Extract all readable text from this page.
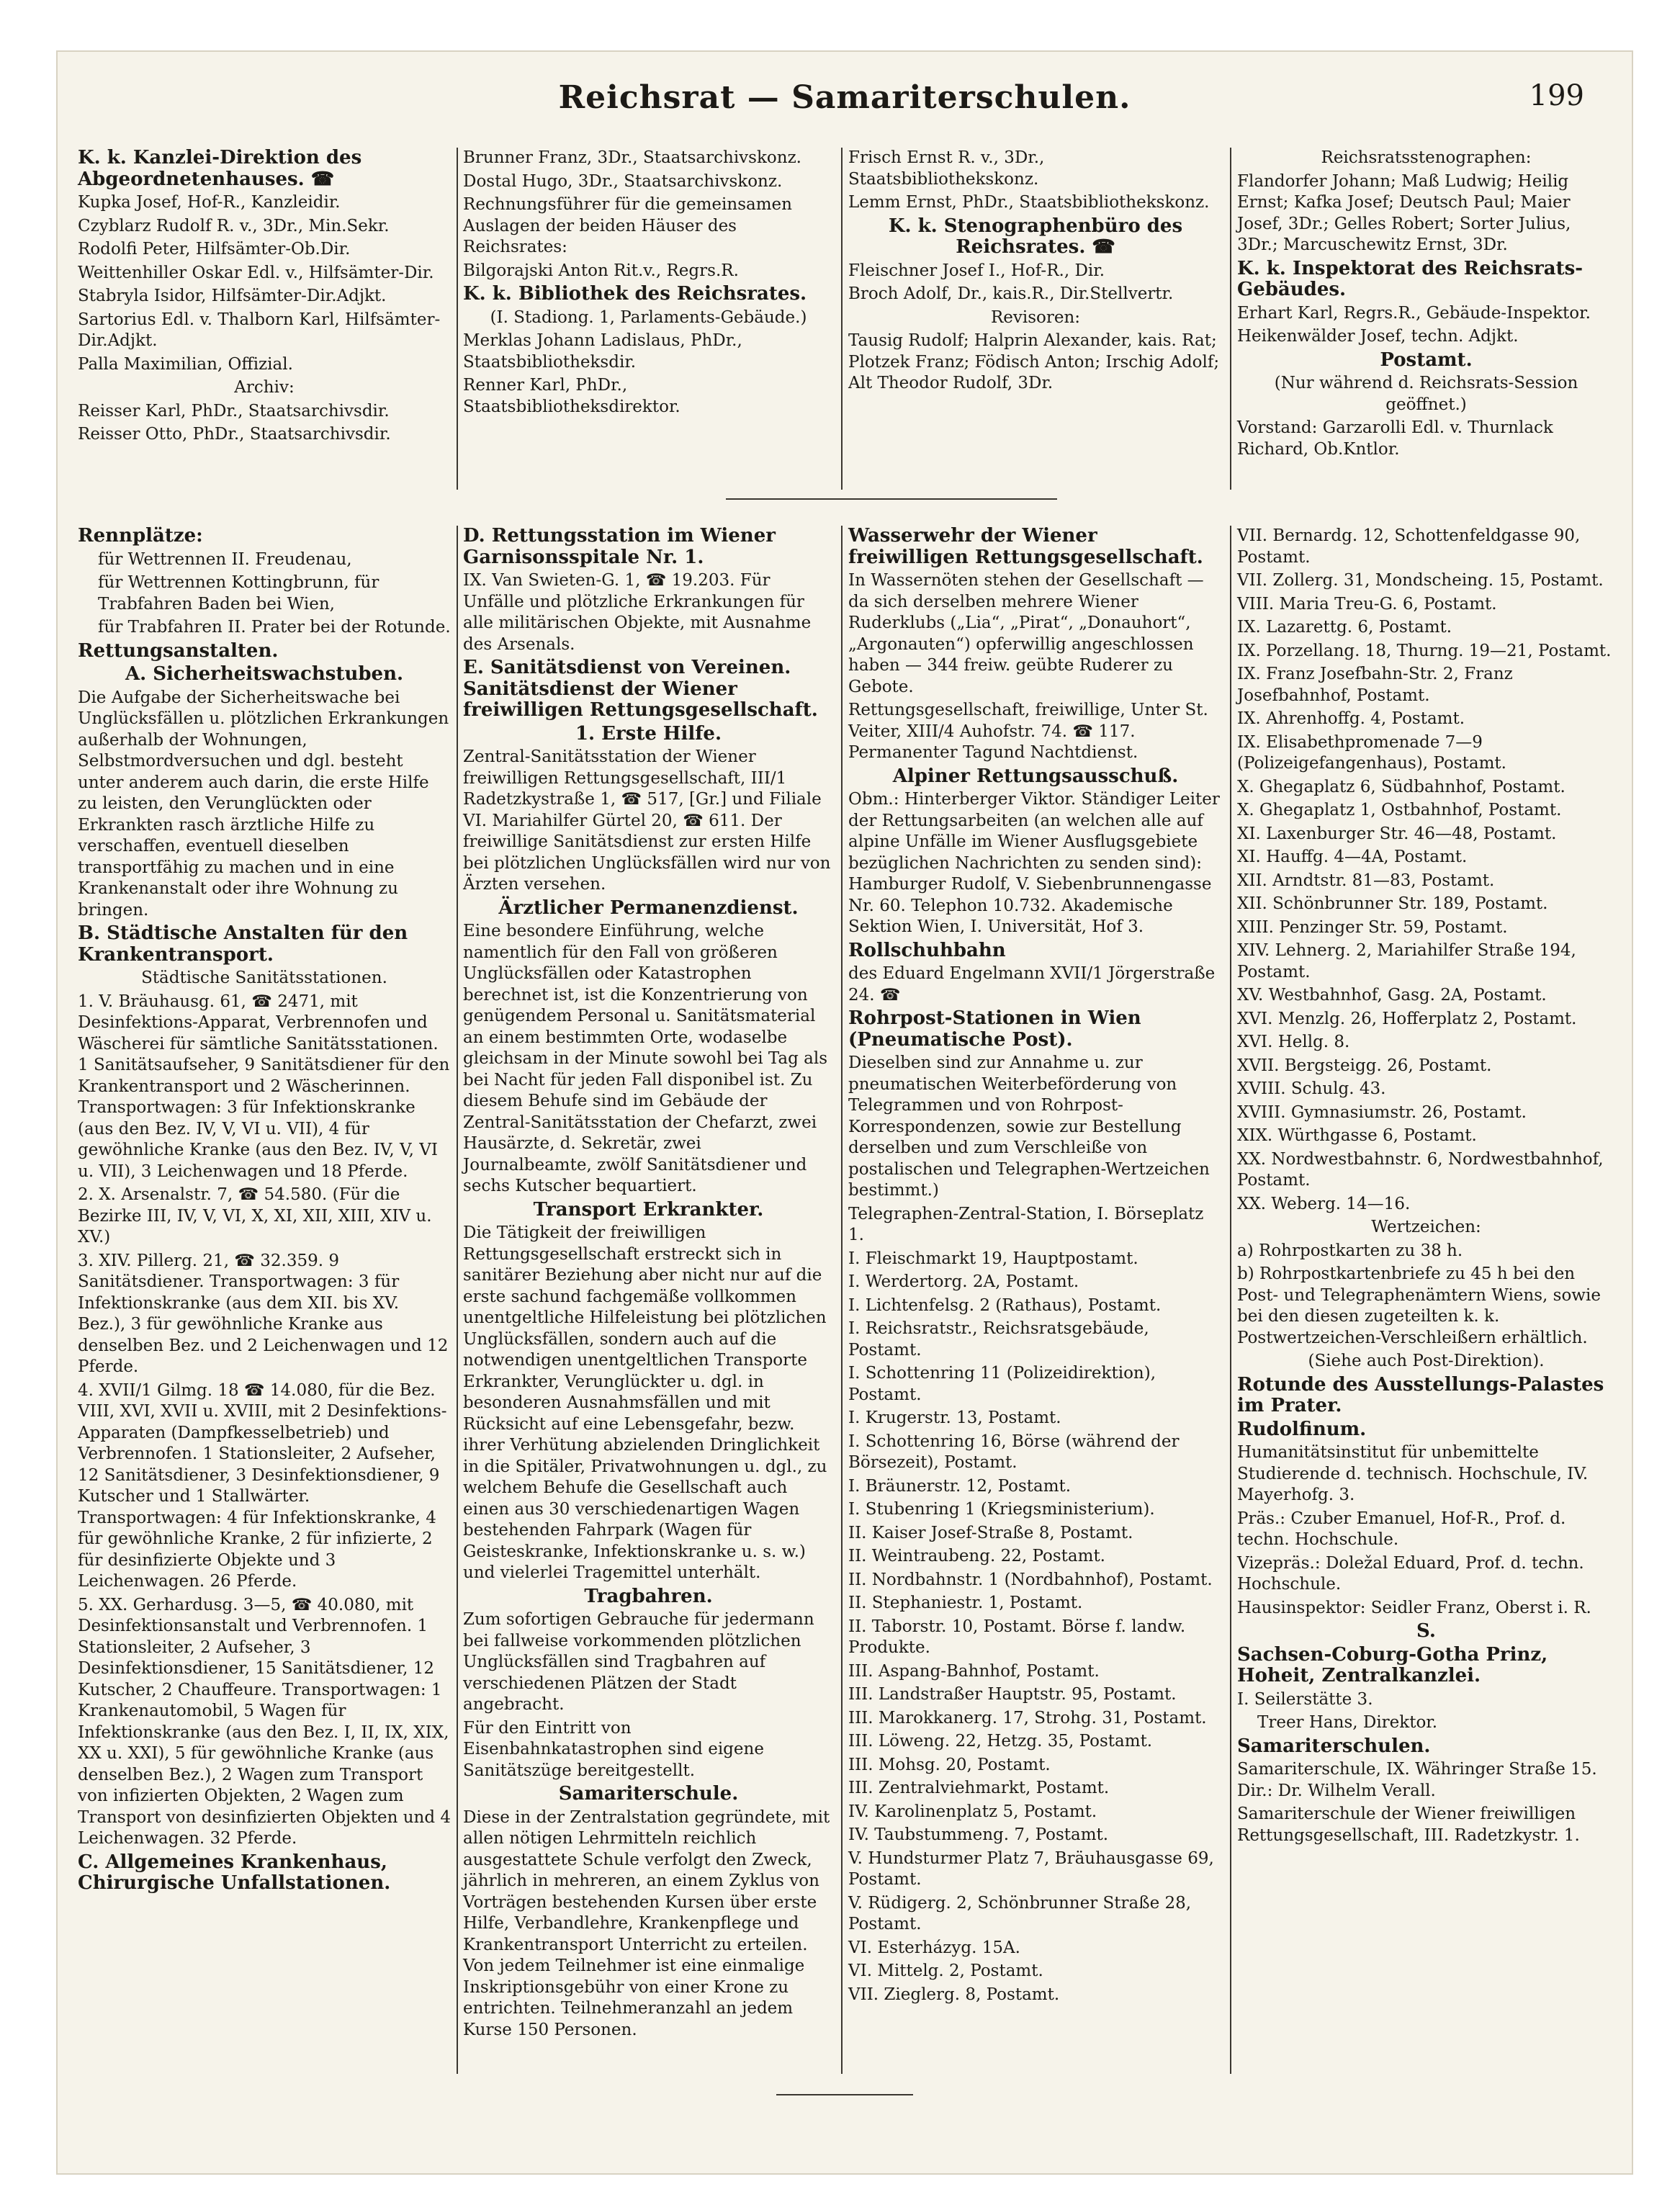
Reichsrat — Samariterschulen.	199

K. k. Kanzlei-Direktion des Abgeordnetenhauses. ☎

Kupka Josef, Hof-R., Kanzleidir.

Czyblarz Rudolf R. v., 3Dr., Min.Sekr.

Rodolfi Peter, Hilfsämter-Ob.Dir.

Weittenhiller Oskar Edl. v., Hilfsämter-Dir.

Stabryla Isidor, Hilfsämter-Dir.Adjkt.

Sartorius Edl. v. Thalborn Karl, Hilfsämter-Dir.Adjkt.

Palla Maximilian, Offizial.

Archiv:

Reisser Karl, PhDr., Staatsarchivsdir.

Reisser Otto, PhDr., Staatsarchivsdir.

Brunner Franz, 3Dr., Staatsarchivskonz.

Dostal Hugo, 3Dr., Staatsarchivskonz.

Rechnungsführer für die gemeinsamen Auslagen der beiden Häuser des Reichsrates:

Bilgorajski Anton Rit.v., Regrs.R.

K. k. Bibliothek des Reichsrates.

(I. Stadiong. 1, Parlaments-Gebäude.)

Merklas Johann Ladislaus, PhDr., Staatsbibliotheksdir.

Renner Karl, PhDr., Staatsbibliotheksdirektor.

Frisch Ernst R. v., 3Dr., Staatsbibliothekskonz.

Lemm Ernst, PhDr., Staatsbibliothekskonz.

K. k. Stenographenbüro des Reichsrates. ☎

Fleischner Josef I., Hof-R., Dir.

Broch Adolf, Dr., kais.R., Dir.Stellvertr.

Revisoren:

Tausig Rudolf; Halprin Alexander, kais. Rat; Plotzek Franz; Födisch Anton; Irschig Adolf; Alt Theodor Rudolf, 3Dr.

Reichsratsstenographen:

Flandorfer Johann; Maß Ludwig; Heilig Ernst; Kafka Josef; Deutsch Paul; Maier Josef, 3Dr.; Gelles Robert; Sorter Julius, 3Dr.; Marcuschewitz Ernst, 3Dr.

K. k. Inspektorat des Reichsrats-Gebäudes.

Erhart Karl, Regrs.R., Gebäude-Inspektor.

Heikenwälder Josef, techn. Adjkt.

Postamt.

(Nur während d. Reichsrats-Session geöffnet.)

Vorstand: Garzarolli Edl. v. Thurnlack Richard, Ob.Kntlor.

Rennplätze:

für Wettrennen II. Freudenau,

für Wettrennen Kottingbrunn, für Trabfahren Baden bei Wien,

für Trabfahren II. Prater bei der Rotunde.

Rettungsanstalten.

A. Sicherheitswachstuben.

Die Aufgabe der Sicherheitswache bei Unglücksfällen u. plötzlichen Erkrankungen außerhalb der Wohnungen, Selbstmordversuchen und dgl. besteht unter anderem auch darin, die erste Hilfe zu leisten, den Verunglückten oder Erkrankten rasch ärztliche Hilfe zu verschaffen, eventuell dieselben transportfähig zu machen und in eine Krankenanstalt oder ihre Wohnung zu bringen.

B. Städtische Anstalten für den Krankentransport.

Städtische Sanitätsstationen.

1. V. Bräuhausg. 61, ☎ 2471, mit Desinfektions-Apparat, Verbrennofen und Wäscherei für sämtliche Sanitätsstationen. 1 Sanitätsaufseher, 9 Sanitätsdiener für den Krankentransport und 2 Wäscherinnen. Transportwagen: 3 für Infektionskranke (aus den Bez. IV, V, VI u. VII), 4 für gewöhnliche Kranke (aus den Bez. IV, V, VI u. VII), 3 Leichenwagen und 18 Pferde.

2. X. Arsenalstr. 7, ☎ 54.580. (Für die Bezirke III, IV, V, VI, X, XI, XII, XIII, XIV u. XV.)

3. XIV. Pillerg. 21, ☎ 32.359. 9 Sanitätsdiener. Transportwagen: 3 für Infektionskranke (aus dem XII. bis XV. Bez.), 3 für gewöhnliche Kranke aus denselben Bez. und 2 Leichenwagen und 12 Pferde.

4. XVII/1 Gilmg. 18 ☎ 14.080, für die Bez. VIII, XVI, XVII u. XVIII, mit 2 Desinfektions-Apparaten (Dampfkesselbetrieb) und Verbrennofen. 1 Stationsleiter, 2 Aufseher, 12 Sanitätsdiener, 3 Desinfektionsdiener, 9 Kutscher und 1 Stallwärter. Transportwagen: 4 für Infektionskranke, 4 für gewöhnliche Kranke, 2 für infizierte, 2 für desinfizierte Objekte und 3 Leichenwagen. 26 Pferde.

5. XX. Gerhardusg. 3—5, ☎ 40.080, mit Desinfektionsanstalt und Verbrennofen. 1 Stationsleiter, 2 Aufseher, 3 Desinfektionsdiener, 15 Sanitätsdiener, 12 Kutscher, 2 Chauffeure. Transportwagen: 1 Krankenautomobil, 5 Wagen für Infektionskranke (aus den Bez. I, II, IX, XIX, XX u. XXI), 5 für gewöhnliche Kranke (aus denselben Bez.), 2 Wagen zum Transport von infizierten Objekten, 2 Wagen zum Transport von desinfizierten Objekten und 4 Leichenwagen. 32 Pferde.

C. Allgemeines Krankenhaus, Chirurgische Unfallstationen.

D. Rettungsstation im Wiener Garnisonsspitale Nr. 1.

IX. Van Swieten-G. 1, ☎ 19.203. Für Unfälle und plötzliche Erkrankungen für alle militärischen Objekte, mit Ausnahme des Arsenals.

E. Sanitätsdienst von Vereinen. Sanitätsdienst der Wiener freiwilligen Rettungsgesellschaft.

1. Erste Hilfe.

Zentral-Sanitätsstation der Wiener freiwilligen Rettungsgesellschaft, III/1 Radetzkystraße 1, ☎ 517, [Gr.] und Filiale VI. Mariahilfer Gürtel 20, ☎ 611. Der freiwillige Sanitätsdienst zur ersten Hilfe bei plötzlichen Unglücksfällen wird nur von Ärzten versehen.

Ärztlicher Permanenzdienst.

Eine besondere Einführung, welche namentlich für den Fall von größeren Unglücksfällen oder Katastrophen berechnet ist, ist die Konzentrierung von genügendem Personal u. Sanitätsmaterial an einem bestimmten Orte, wodaselbe gleichsam in der Minute sowohl bei Tag als bei Nacht für jeden Fall disponibel ist. Zu diesem Behufe sind im Gebäude der Zentral-Sanitätsstation der Chefarzt, zwei Hausärzte, d. Sekretär, zwei Journalbeamte, zwölf Sanitätsdiener und sechs Kutscher bequartiert.

Transport Erkrankter.

Die Tätigkeit der freiwilligen Rettungsgesellschaft erstreckt sich in sanitärer Beziehung aber nicht nur auf die erste sachund fachgemäße vollkommen unentgeltliche Hilfeleistung bei plötzlichen Unglücksfällen, sondern auch auf die notwendigen unentgeltlichen Transporte Erkrankter, Verunglückter u. dgl. in besonderen Ausnahmsfällen und mit Rücksicht auf eine Lebensgefahr, bezw. ihrer Verhütung abzielenden Dringlichkeit in die Spitäler, Privatwohnungen u. dgl., zu welchem Behufe die Gesellschaft auch einen aus 30 verschiedenartigen Wagen bestehenden Fahrpark (Wagen für Geisteskranke, Infektionskranke u. s. w.) und vielerlei Tragemittel unterhält.

Tragbahren.

Zum sofortigen Gebrauche für jedermann bei fallweise vorkommenden plötzlichen Unglücksfällen sind Tragbahren auf verschiedenen Plätzen der Stadt angebracht.

Für den Eintritt von Eisenbahnkatastrophen sind eigene Sanitätszüge bereitgestellt.

Samariterschule.

Diese in der Zentralstation gegründete, mit allen nötigen Lehrmitteln reichlich ausgestattete Schule verfolgt den Zweck, jährlich in mehreren, an einem Zyklus von Vorträgen bestehenden Kursen über erste Hilfe, Verbandlehre, Krankenpflege und Krankentransport Unterricht zu erteilen. Von jedem Teilnehmer ist eine einmalige Inskriptionsgebühr von einer Krone zu entrichten. Teilnehmeranzahl an jedem Kurse 150 Personen.

Wasserwehr der Wiener freiwilligen Rettungsgesellschaft.

In Wassernöten stehen der Gesellschaft — da sich derselben mehrere Wiener Ruderklubs („Lia“, „Pirat“, „Donauhort“, „Argonauten“) opferwillig angeschlossen haben — 344 freiw. geübte Ruderer zu Gebote.

Rettungsgesellschaft, freiwillige, Unter St. Veiter, XIII/4 Auhofstr. 74. ☎ 117. Permanenter Tagund Nachtdienst.

Alpiner Rettungsausschuß.

Obm.: Hinterberger Viktor. Ständiger Leiter der Rettungsarbeiten (an welchen alle auf alpine Unfälle im Wiener Ausflugsgebiete bezüglichen Nachrichten zu senden sind): Hamburger Rudolf, V. Siebenbrunnengasse Nr. 60. Telephon 10.732. Akademische Sektion Wien, I. Universität, Hof 3.

Rollschuhbahn

des Eduard Engelmann XVII/1 Jörgerstraße 24. ☎

Rohrpost-Stationen in Wien (Pneumatische Post).

Dieselben sind zur Annahme u. zur pneumatischen Weiterbeförderung von Telegrammen und von Rohrpost-Korrespondenzen, sowie zur Bestellung derselben und zum Verschleiße von postalischen und Telegraphen-Wertzeichen bestimmt.)

Telegraphen-Zentral-Station, I. Börseplatz 1.

I. Fleischmarkt 19, Hauptpostamt.

I. Werdertorg. 2A, Postamt.

I. Lichtenfelsg. 2 (Rathaus), Postamt.

I. Reichsratstr., Reichsratsgebäude, Postamt.

I. Schottenring 11 (Polizeidirektion), Postamt.

I. Krugerstr. 13, Postamt.

I. Schottenring 16, Börse (während der Börsezeit), Postamt.

I. Bräunerstr. 12, Postamt.

I. Stubenring 1 (Kriegsministerium).

II. Kaiser Josef-Straße 8, Postamt.

II. Weintraubeng. 22, Postamt.

II. Nordbahnstr. 1 (Nordbahnhof), Postamt.

II. Stephaniestr. 1, Postamt.

II. Taborstr. 10, Postamt. Börse f. landw. Produkte.

III. Aspang-Bahnhof, Postamt.

III. Landstraßer Hauptstr. 95, Postamt.

III. Marokkanerg. 17, Strohg. 31, Postamt.

III. Löweng. 22, Hetzg. 35, Postamt.

III. Mohsg. 20, Postamt.

III. Zentralviehmarkt, Postamt.

IV. Karolinenplatz 5, Postamt.

IV. Taubstummeng. 7, Postamt.

V. Hundsturmer Platz 7, Bräuhausgasse 69, Postamt.

V. Rüdigerg. 2, Schönbrunner Straße 28, Postamt.

VI. Esterházyg. 15A.

VI. Mittelg. 2, Postamt.

VII. Zieglerg. 8, Postamt.

VII. Bernardg. 12, Schottenfeldgasse 90, Postamt.

VII. Zollerg. 31, Mondscheing. 15, Postamt.

VIII. Maria Treu-G. 6, Postamt.

IX. Lazarettg. 6, Postamt.

IX. Porzellang. 18, Thurng. 19—21, Postamt.

IX. Franz Josefbahn-Str. 2, Franz Josefbahnhof, Postamt.

IX. Ahrenhoffg. 4, Postamt.

IX. Elisabethpromenade 7—9 (Polizeigefangenhaus), Postamt.

X. Ghegaplatz 6, Südbahnhof, Postamt.

X. Ghegaplatz 1, Ostbahnhof, Postamt.

XI. Laxenburger Str. 46—48, Postamt.

XI. Hauffg. 4—4A, Postamt.

XII. Arndtstr. 81—83, Postamt.

XII. Schönbrunner Str. 189, Postamt.

XIII. Penzinger Str. 59, Postamt.

XIV. Lehnerg. 2, Mariahilfer Straße 194, Postamt.

XV. Westbahnhof, Gasg. 2A, Postamt.

XVI. Menzlg. 26, Hofferplatz 2, Postamt.

XVI. Hellg. 8.

XVII. Bergsteigg. 26, Postamt.

XVIII. Schulg. 43.

XVIII. Gymnasiumstr. 26, Postamt.

XIX. Würthgasse 6, Postamt.

XX. Nordwestbahnstr. 6, Nordwestbahnhof, Postamt.

XX. Weberg. 14—16.

Wertzeichen:

a) Rohrpostkarten zu 38 h.

b) Rohrpostkartenbriefe zu 45 h bei den Post- und Telegraphenämtern Wiens, sowie bei den diesen zugeteilten k. k. Postwertzeichen-Verschleißern erhältlich.

(Siehe auch Post-Direktion).

Rotunde des Ausstellungs-Palastes im Prater.

Rudolfinum.

Humanitätsinstitut für unbemittelte Studierende d. technisch. Hochschule, IV. Mayerhofg. 3.

Präs.: Czuber Emanuel, Hof-R., Prof. d. techn. Hochschule.

Vizepräs.: Doležal Eduard, Prof. d. techn. Hochschule.

Hausinspektor: Seidler Franz, Oberst i. R.

S.

Sachsen-Coburg-Gotha Prinz, Hoheit, Zentralkanzlei.

I. Seilerstätte 3.

Treer Hans, Direktor.

Samariterschulen.

Samariterschule, IX. Währinger Straße 15. Dir.: Dr. Wilhelm Verall.

Samariterschule der Wiener freiwilligen Rettungsgesellschaft, III. Radetzkystr. 1.
